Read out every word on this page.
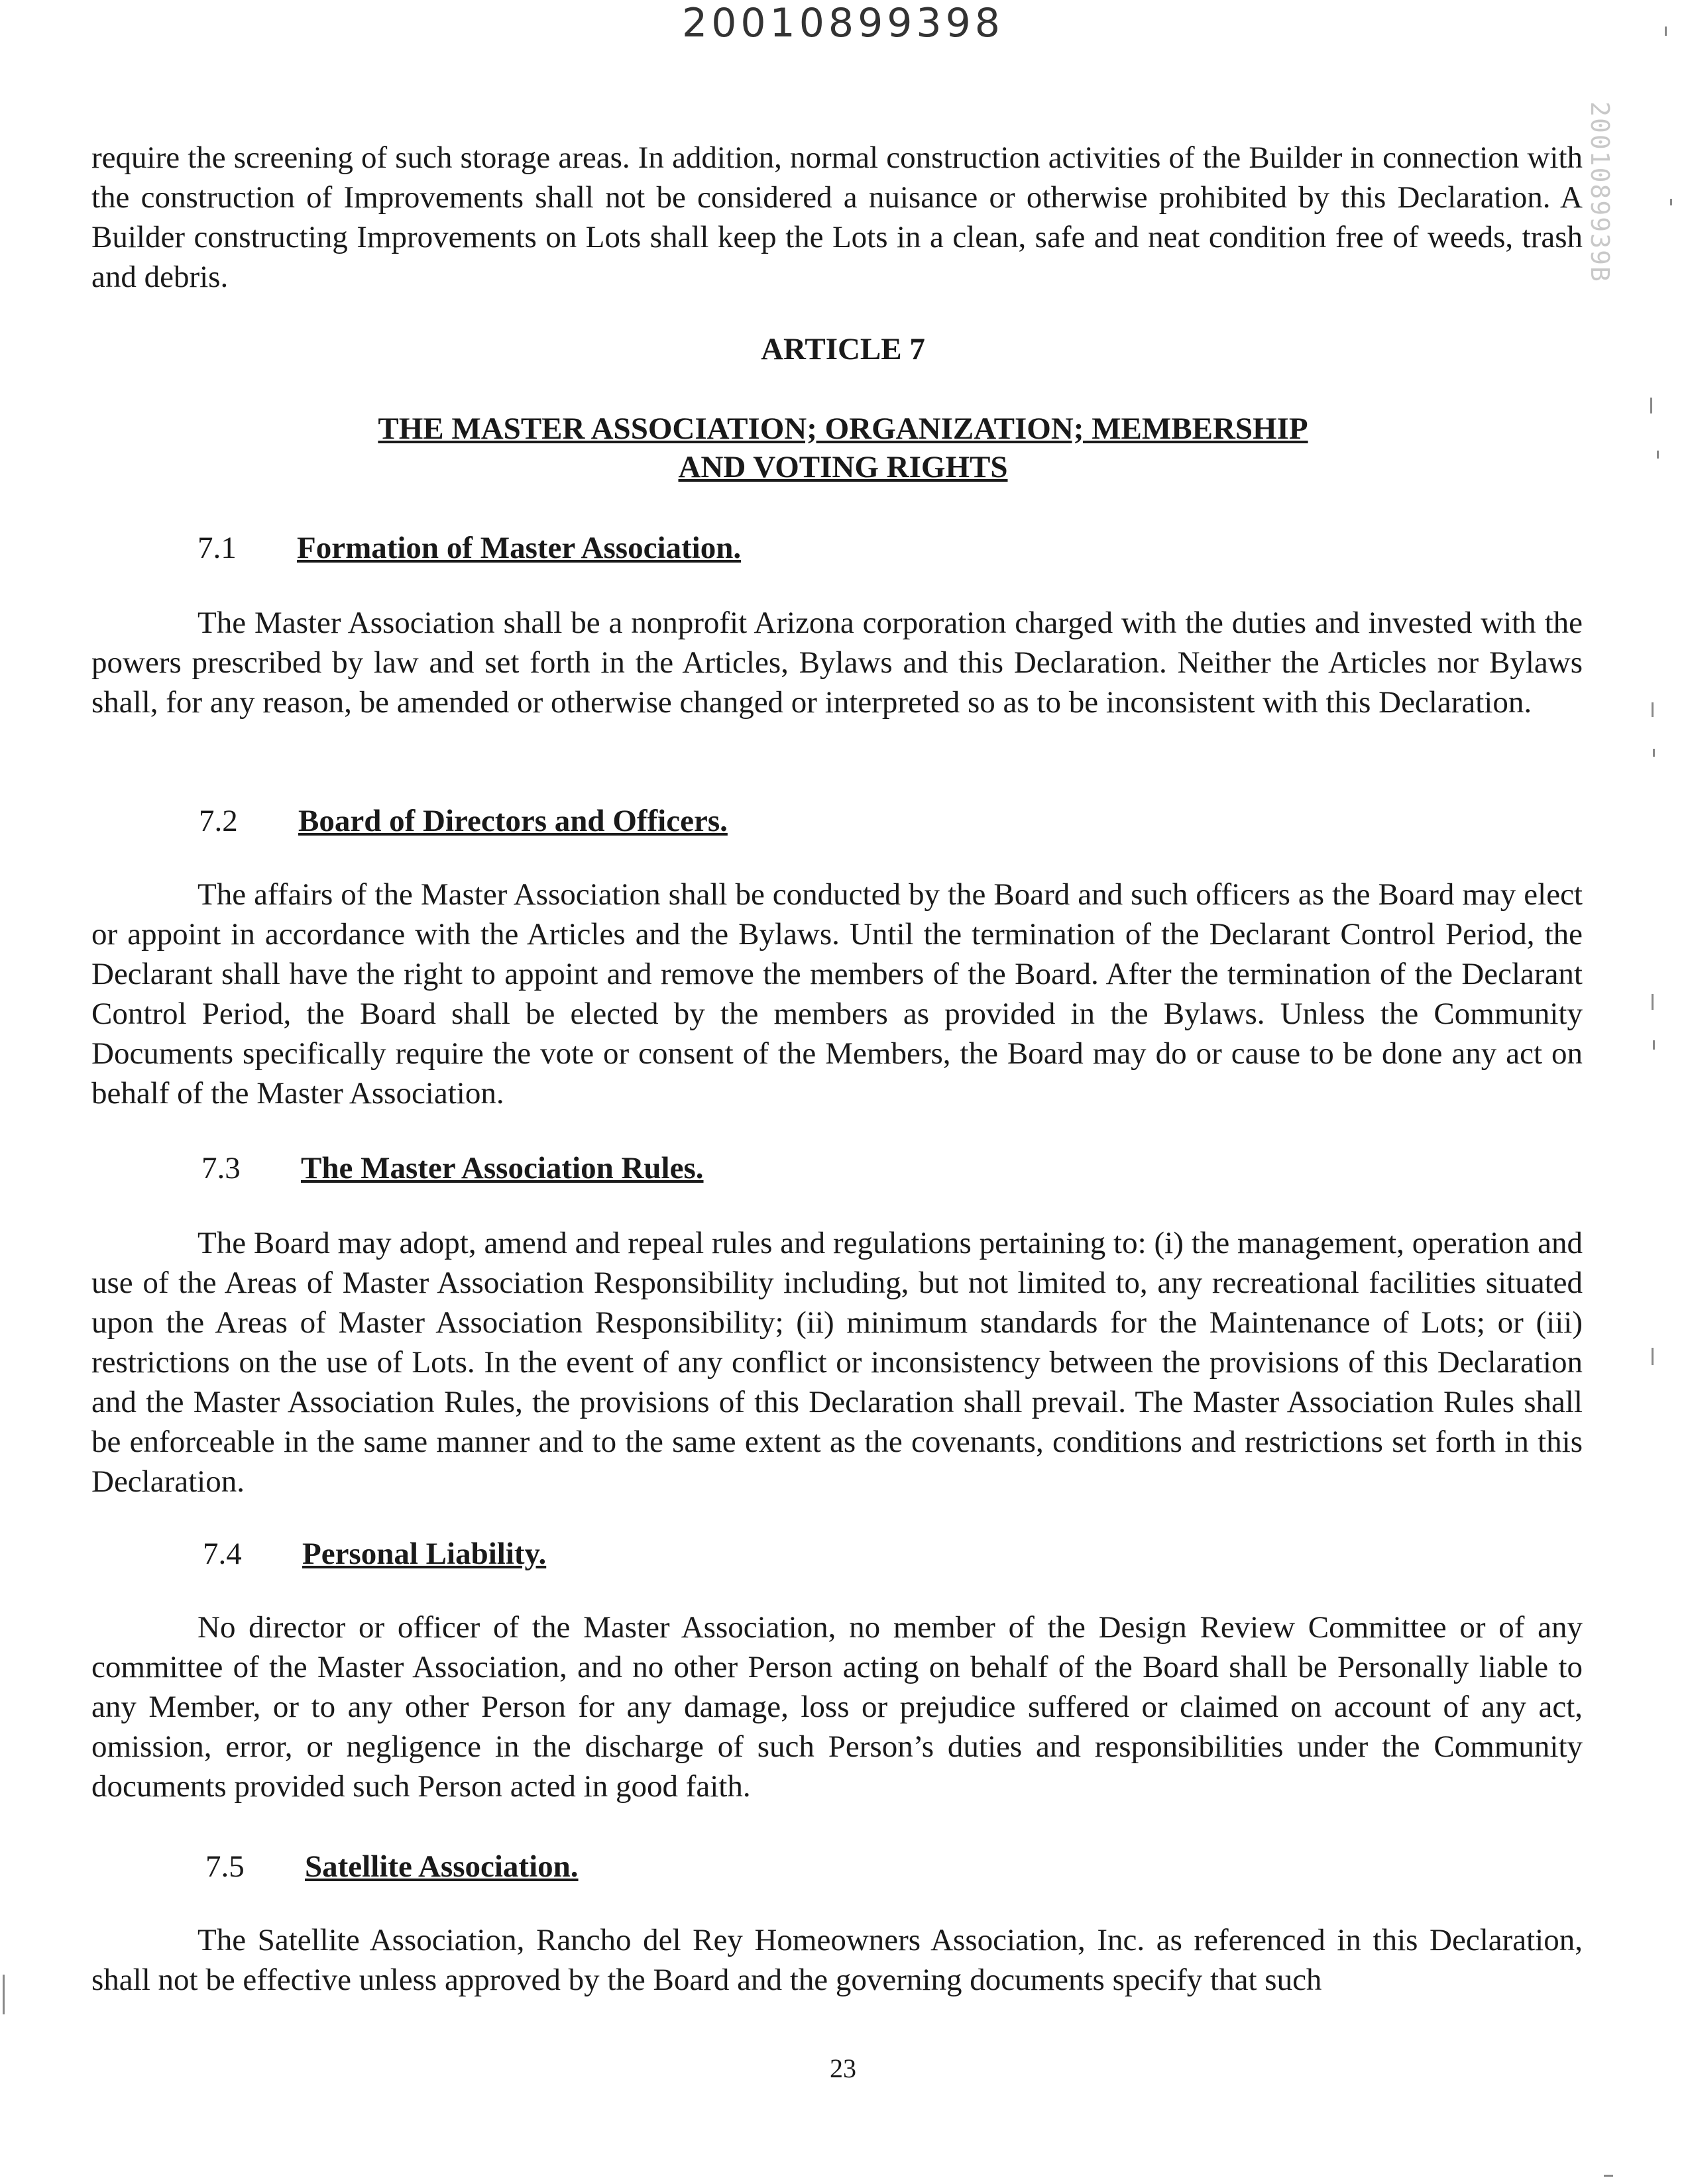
20010899398
2001089939B

require the screening of such storage areas. In addition, normal construction activities of the Builder in connection with the construction of Improvements shall not be considered a nuisance or otherwise prohibited by this Declaration. A Builder constructing Improvements on Lots shall keep the Lots in a clean, safe and neat condition free of weeds, trash and debris.

ARTICLE 7
THE MASTER ASSOCIATION; ORGANIZATION; MEMBERSHIP
AND VOTING RIGHTS
7.1 Formation of Master Association.

The Master Association shall be a nonprofit Arizona corporation charged with the duties and invested with the powers prescribed by law and set forth in the Articles, Bylaws and this Declaration. Neither the Articles nor Bylaws shall, for any reason, be amended or otherwise changed or interpreted so as to be inconsistent with this Declaration.

7.2 Board of Directors and Officers.

The affairs of the Master Association shall be conducted by the Board and such officers as the Board may elect or appoint in accordance with the Articles and the Bylaws. Until the termination of the Declarant Control Period, the Declarant shall have the right to appoint and remove the members of the Board. After the termination of the Declarant Control Period, the Board shall be elected by the members as provided in the Bylaws. Unless the Community Documents specifically require the vote or consent of the Members, the Board may do or cause to be done any act on behalf of the Master Association.

7.3 The Master Association Rules.

The Board may adopt, amend and repeal rules and regulations pertaining to: (i) the management, operation and use of the Areas of Master Association Responsibility including, but not limited to, any recreational facilities situated upon the Areas of Master Association Responsibility; (ii) minimum standards for the Maintenance of Lots; or (iii) restrictions on the use of Lots. In the event of any conflict or inconsistency between the provisions of this Declaration and the Master Association Rules, the provisions of this Declaration shall prevail. The Master Association Rules shall be enforceable in the same manner and to the same extent as the covenants, conditions and restrictions set forth in this Declaration.

7.4 Personal Liability.

No director or officer of the Master Association, no member of the Design Review Committee or of any committee of the Master Association, and no other Person acting on behalf of the Board shall be Personally liable to any Member, or to any other Person for any damage, loss or prejudice suffered or claimed on account of any act, omission, error, or negligence in the discharge of such Person’s duties and responsibilities under the Community documents provided such Person acted in good faith.

7.5 Satellite Association.

The Satellite Association, Rancho del Rey Homeowners Association, Inc. as referenced in this Declaration, shall not be effective unless approved by the Board and the governing documents specify that such

23
